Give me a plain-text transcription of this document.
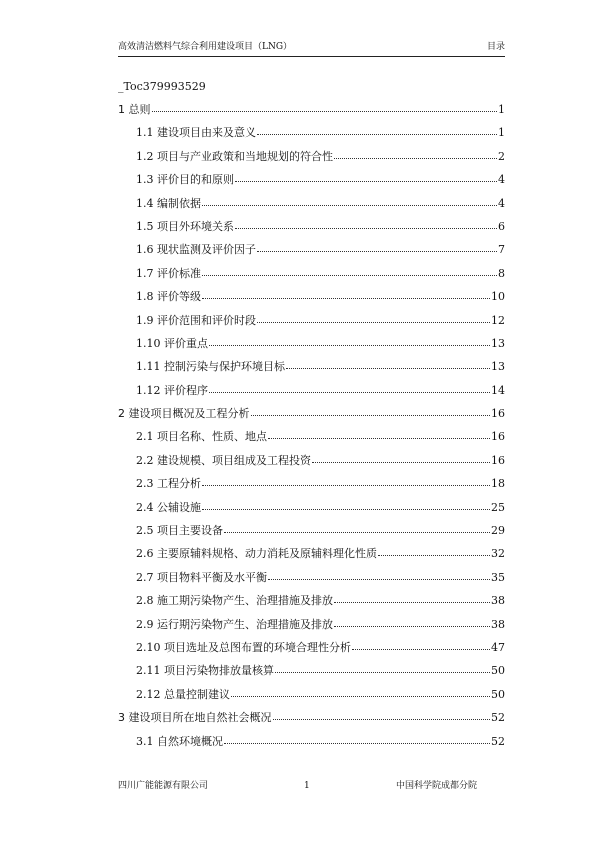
高效清洁燃料气综合利用建设项目（LNG）	目录
_Toc379993529
1 总则	1
1.1 建设项目由来及意义	1
1.2 项目与产业政策和当地规划的符合性	2
1.3 评价目的和原则	4
1.4 编制依据	4
1.5 项目外环境关系	6
1.6 现状监测及评价因子	7
1.7 评价标准	8
1.8 评价等级	10
1.9 评价范围和评价时段	12
1.10 评价重点	13
1.11 控制污染与保护环境目标	13
1.12 评价程序	14
2 建设项目概况及工程分析	16
2.1 项目名称、性质、地点	16
2.2 建设规模、项目组成及工程投资	16
2.3 工程分析	18
2.4 公辅设施	25
2.5 项目主要设备	29
2.6 主要原辅料规格、动力消耗及原辅料理化性质	32
2.7 项目物料平衡及水平衡	35
2.8 施工期污染物产生、治理措施及排放	38
2.9 运行期污染物产生、治理措施及排放	38
2.10 项目选址及总图布置的环境合理性分析	47
2.11 项目污染物排放量核算	50
2.12 总量控制建议	50
3 建设项目所在地自然社会概况	52
3.1 自然环境概况	52
四川广能能源有限公司	1	中国科学院成都分院
